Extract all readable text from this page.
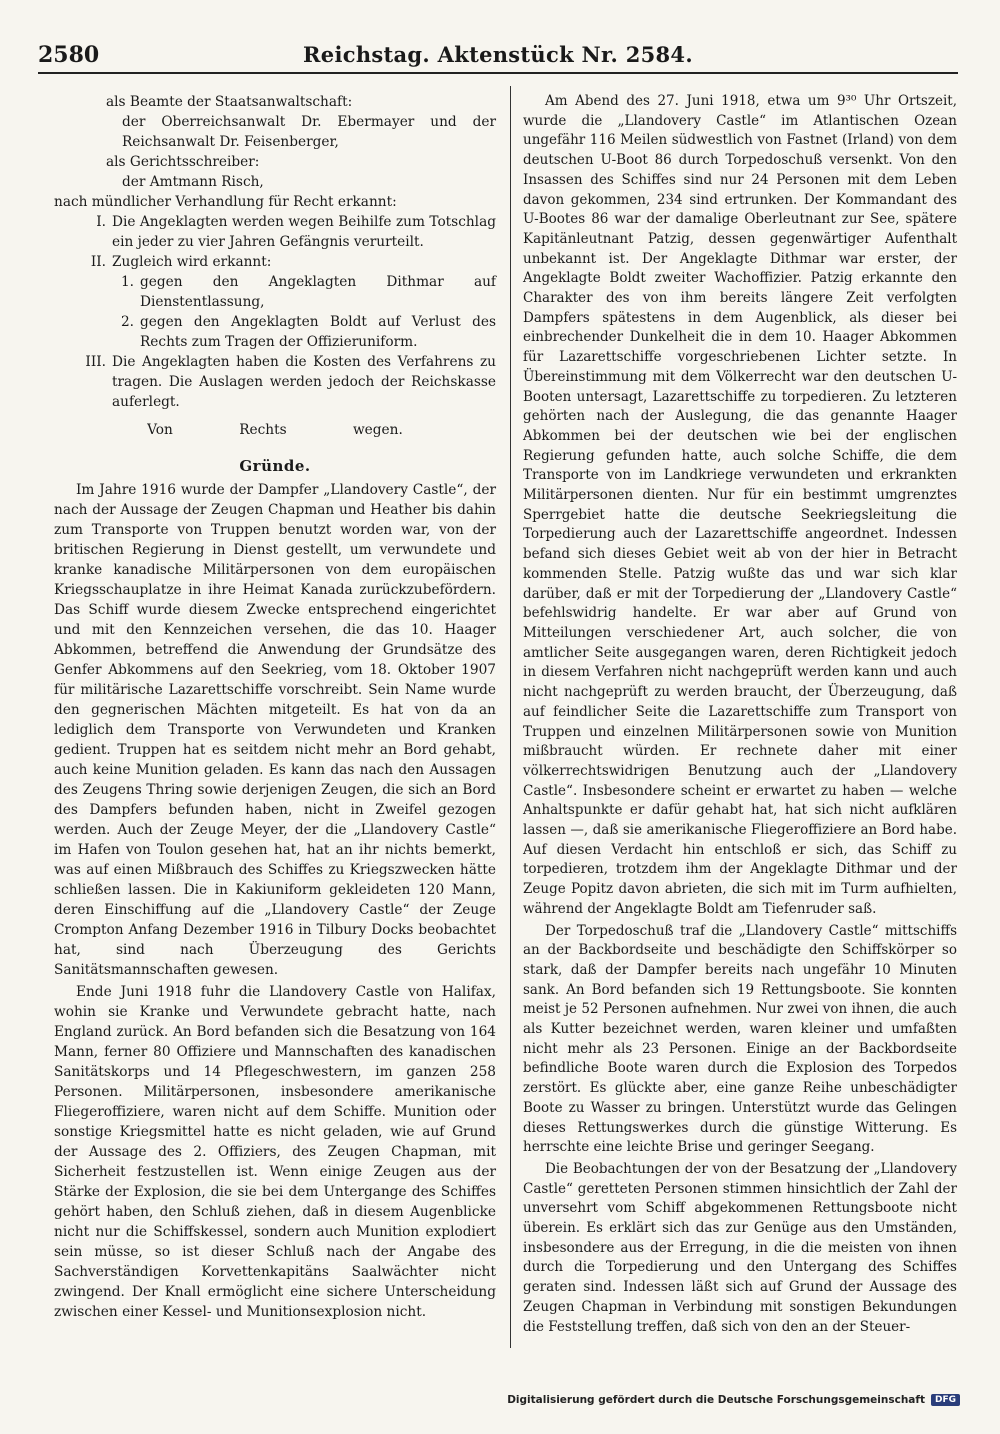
2580	Reichstag. Aktenstück Nr. 2584.
als Beamte der Staatsanwaltschaft:
der Oberreichsanwalt Dr. Ebermayer und der Reichsanwalt Dr. Feisenberger,
als Gerichtsschreiber:
der Amtmann Risch,
nach mündlicher Verhandlung für Recht erkannt:
I. Die Angeklagten werden wegen Beihilfe zum Totschlag ein jeder zu vier Jahren Gefängnis verurteilt.
II. Zugleich wird erkannt:
1. gegen den Angeklagten Dithmar auf Dienstentlassung,
2. gegen den Angeklagten Boldt auf Verlust des Rechts zum Tragen der Offizieruniform.
III. Die Angeklagten haben die Kosten des Verfahrens zu tragen. Die Auslagen werden jedoch der Reichskasse auferlegt.
Von	Rechts	wegen.
Gründe.

Im Jahre 1916 wurde der Dampfer „Llandovery Castle“, der nach der Aussage der Zeugen Chapman und Heather bis dahin zum Transporte von Truppen benutzt worden war, von der britischen Regierung in Dienst gestellt, um verwundete und kranke kanadische Militärpersonen von dem europäischen Kriegsschauplatze in ihre Heimat Kanada zurückzubefördern. Das Schiff wurde diesem Zwecke entsprechend eingerichtet und mit den Kennzeichen versehen, die das 10. Haager Abkommen, betreffend die Anwendung der Grundsätze des Genfer Abkommens auf den Seekrieg, vom 18. Oktober 1907 für militärische Lazarettschiffe vorschreibt. Sein Name wurde den gegnerischen Mächten mitgeteilt. Es hat von da an lediglich dem Transporte von Verwundeten und Kranken gedient. Truppen hat es seitdem nicht mehr an Bord gehabt, auch keine Munition geladen. Es kann das nach den Aussagen des Zeugens Thring sowie derjenigen Zeugen, die sich an Bord des Dampfers befunden haben, nicht in Zweifel gezogen werden. Auch der Zeuge Meyer, der die „Llandovery Castle“ im Hafen von Toulon gesehen hat, hat an ihr nichts bemerkt, was auf einen Mißbrauch des Schiffes zu Kriegszwecken hätte schließen lassen. Die in Kakiuniform gekleideten 120 Mann, deren Einschiffung auf die „Llandovery Castle“ der Zeuge Crompton Anfang Dezember 1916 in Tilbury Docks beobachtet hat, sind nach Überzeugung des Gerichts Sanitätsmannschaften gewesen.

Ende Juni 1918 fuhr die Llandovery Castle von Halifax, wohin sie Kranke und Verwundete gebracht hatte, nach England zurück. An Bord befanden sich die Besatzung von 164 Mann, ferner 80 Offiziere und Mannschaften des kanadischen Sanitätskorps und 14 Pflegeschwestern, im ganzen 258 Personen. Militärpersonen, insbesondere amerikanische Fliegeroffiziere, waren nicht auf dem Schiffe. Munition oder sonstige Kriegsmittel hatte es nicht geladen, wie auf Grund der Aussage des 2. Offiziers, des Zeugen Chapman, mit Sicherheit festzustellen ist. Wenn einige Zeugen aus der Stärke der Explosion, die sie bei dem Untergange des Schiffes gehört haben, den Schluß ziehen, daß in diesem Augenblicke nicht nur die Schiffskessel, sondern auch Munition explodiert sein müsse, so ist dieser Schluß nach der Angabe des Sachverständigen Korvettenkapitäns Saalwächter nicht zwingend. Der Knall ermöglicht eine sichere Unterscheidung zwischen einer Kessel- und Munitionsexplosion nicht.

Am Abend des 27. Juni 1918, etwa um 9³⁰ Uhr Ortszeit, wurde die „Llandovery Castle“ im Atlantischen Ozean ungefähr 116 Meilen südwestlich von Fastnet (Irland) von dem deutschen U-Boot 86 durch Torpedoschuß versenkt. Von den Insassen des Schiffes sind nur 24 Personen mit dem Leben davon gekommen, 234 sind ertrunken. Der Kommandant des U-Bootes 86 war der damalige Oberleutnant zur See, spätere Kapitänleutnant Patzig, dessen gegenwärtiger Aufenthalt unbekannt ist. Der Angeklagte Dithmar war erster, der Angeklagte Boldt zweiter Wachoffizier. Patzig erkannte den Charakter des von ihm bereits längere Zeit verfolgten Dampfers spätestens in dem Augenblick, als dieser bei einbrechender Dunkelheit die in dem 10. Haager Abkommen für Lazarettschiffe vorgeschriebenen Lichter setzte. In Übereinstimmung mit dem Völkerrecht war den deutschen U-Booten untersagt, Lazarettschiffe zu torpedieren. Zu letzteren gehörten nach der Auslegung, die das genannte Haager Abkommen bei der deutschen wie bei der englischen Regierung gefunden hatte, auch solche Schiffe, die dem Transporte von im Landkriege verwundeten und erkrankten Militärpersonen dienten. Nur für ein bestimmt umgrenztes Sperrgebiet hatte die deutsche Seekriegsleitung die Torpedierung auch der Lazarettschiffe angeordnet. Indessen befand sich dieses Gebiet weit ab von der hier in Betracht kommenden Stelle. Patzig wußte das und war sich klar darüber, daß er mit der Torpedierung der „Llandovery Castle“ befehlswidrig handelte. Er war aber auf Grund von Mitteilungen verschiedener Art, auch solcher, die von amtlicher Seite ausgegangen waren, deren Richtigkeit jedoch in diesem Verfahren nicht nachgeprüft werden kann und auch nicht nachgeprüft zu werden braucht, der Überzeugung, daß auf feindlicher Seite die Lazarettschiffe zum Transport von Truppen und einzelnen Militärpersonen sowie von Munition mißbraucht würden. Er rechnete daher mit einer völkerrechtswidrigen Benutzung auch der „Llandovery Castle“. Insbesondere scheint er erwartet zu haben — welche Anhaltspunkte er dafür gehabt hat, hat sich nicht aufklären lassen —, daß sie amerikanische Fliegeroffiziere an Bord habe. Auf diesen Verdacht hin entschloß er sich, das Schiff zu torpedieren, trotzdem ihm der Angeklagte Dithmar und der Zeuge Popitz davon abrieten, die sich mit im Turm aufhielten, während der Angeklagte Boldt am Tiefenruder saß.

Der Torpedoschuß traf die „Llandovery Castle“ mittschiffs an der Backbordseite und beschädigte den Schiffskörper so stark, daß der Dampfer bereits nach ungefähr 10 Minuten sank. An Bord befanden sich 19 Rettungsboote. Sie konnten meist je 52 Personen aufnehmen. Nur zwei von ihnen, die auch als Kutter bezeichnet werden, waren kleiner und umfaßten nicht mehr als 23 Personen. Einige an der Backbordseite befindliche Boote waren durch die Explosion des Torpedos zerstört. Es glückte aber, eine ganze Reihe unbeschädigter Boote zu Wasser zu bringen. Unterstützt wurde das Gelingen dieses Rettungswerkes durch die günstige Witterung. Es herrschte eine leichte Brise und geringer Seegang.

Die Beobachtungen der von der Besatzung der „Llandovery Castle“ geretteten Personen stimmen hinsichtlich der Zahl der unversehrt vom Schiff abgekommenen Rettungsboote nicht überein. Es erklärt sich das zur Genüge aus den Umständen, insbesondere aus der Erregung, in die die meisten von ihnen durch die Torpedierung und den Untergang des Schiffes geraten sind. Indessen läßt sich auf Grund der Aussage des Zeugen Chapman in Verbindung mit sonstigen Bekundungen die Feststellung treffen, daß sich von den an der Steuer-

Digitalisierung gefördert durch die Deutsche Forschungsgemeinschaft	DFG
